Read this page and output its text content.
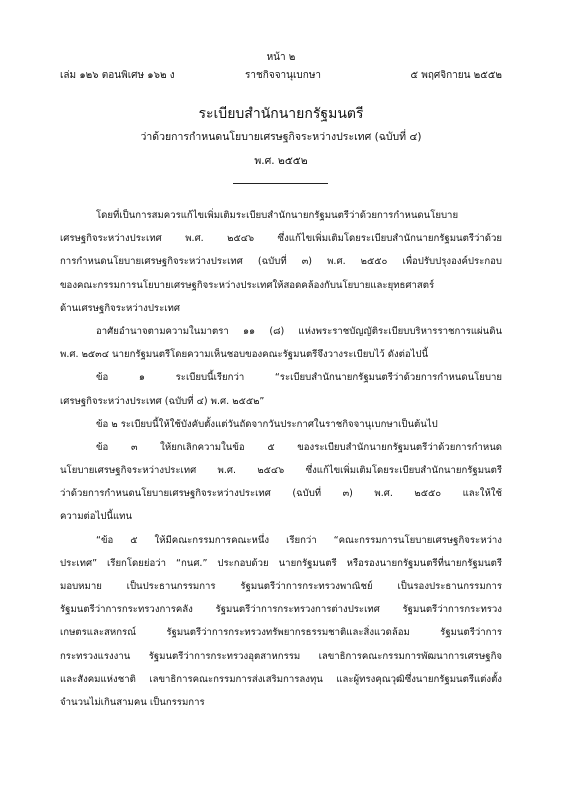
หน้า ๒
เล่ม ๑๒๖ ตอนพิเศษ ๑๖๒ ง	ราชกิจจานุเบกษา	๕ พฤศจิกายน ๒๕๕๒
ระเบียบสำนักนายกรัฐมนตรี
ว่าด้วยการกำหนดนโยบายเศรษฐกิจระหว่างประเทศ (ฉบับที่ ๔)
พ.ศ. ๒๕๕๒
โดยที่เป็นการสมควรแก้ไขเพิ่มเติมระเบียบสำนักนายกรัฐมนตรีว่าด้วยการกำหนดนโยบาย
เศรษฐกิจระหว่างประเทศ พ.ศ. ๒๕๔๖ ซึ่งแก้ไขเพิ่มเติมโดยระเบียบสำนักนายกรัฐมนตรีว่าด้วย
การกำหนดนโยบายเศรษฐกิจระหว่างประเทศ (ฉบับที่ ๓) พ.ศ. ๒๕๕๐ เพื่อปรับปรุงองค์ประกอบ
ของคณะกรรมการนโยบายเศรษฐกิจระหว่างประเทศให้สอดคล้องกับนโยบายและยุทธศาสตร์
ด้านเศรษฐกิจระหว่างประเทศ
อาศัยอำนาจตามความในมาตรา ๑๑ (๘) แห่งพระราชบัญญัติระเบียบบริหารราชการแผ่นดิน
พ.ศ. ๒๕๓๔ นายกรัฐมนตรีโดยความเห็นชอบของคณะรัฐมนตรีจึงวางระเบียบไว้ ดังต่อไปนี้
ข้อ ๑ ระเบียบนี้เรียกว่า “ระเบียบสำนักนายกรัฐมนตรีว่าด้วยการกำหนดนโยบาย
เศรษฐกิจระหว่างประเทศ (ฉบับที่ ๔) พ.ศ. ๒๕๕๒”
ข้อ ๒ ระเบียบนี้ให้ใช้บังคับตั้งแต่วันถัดจากวันประกาศในราชกิจจานุเบกษาเป็นต้นไป
ข้อ ๓ ให้ยกเลิกความในข้อ ๕ ของระเบียบสำนักนายกรัฐมนตรีว่าด้วยการกำหนด
นโยบายเศรษฐกิจระหว่างประเทศ พ.ศ. ๒๕๔๖ ซึ่งแก้ไขเพิ่มเติมโดยระเบียบสำนักนายกรัฐมนตรี
ว่าด้วยการกำหนดนโยบายเศรษฐกิจระหว่างประเทศ (ฉบับที่ ๓) พ.ศ. ๒๕๕๐ และให้ใช้
ความต่อไปนี้แทน
“ข้อ ๕ ให้มีคณะกรรมการคณะหนึ่ง เรียกว่า “คณะกรรมการนโยบายเศรษฐกิจระหว่าง
ประเทศ” เรียกโดยย่อว่า “กนศ.” ประกอบด้วย นายกรัฐมนตรี หรือรองนายกรัฐมนตรีที่นายกรัฐมนตรี
มอบหมาย เป็นประธานกรรมการ รัฐมนตรีว่าการกระทรวงพาณิชย์ เป็นรองประธานกรรมการ
รัฐมนตรีว่าการกระทรวงการคลัง รัฐมนตรีว่าการกระทรวงการต่างประเทศ รัฐมนตรีว่าการกระทรวง
เกษตรและสหกรณ์ รัฐมนตรีว่าการกระทรวงทรัพยากรธรรมชาติและสิ่งแวดล้อม รัฐมนตรีว่าการ
กระทรวงแรงงาน รัฐมนตรีว่าการกระทรวงอุตสาหกรรม เลขาธิการคณะกรรมการพัฒนาการเศรษฐกิจ
และสังคมแห่งชาติ เลขาธิการคณะกรรมการส่งเสริมการลงทุน และผู้ทรงคุณวุฒิซึ่งนายกรัฐมนตรีแต่งตั้ง
จำนวนไม่เกินสามคน เป็นกรรมการ
